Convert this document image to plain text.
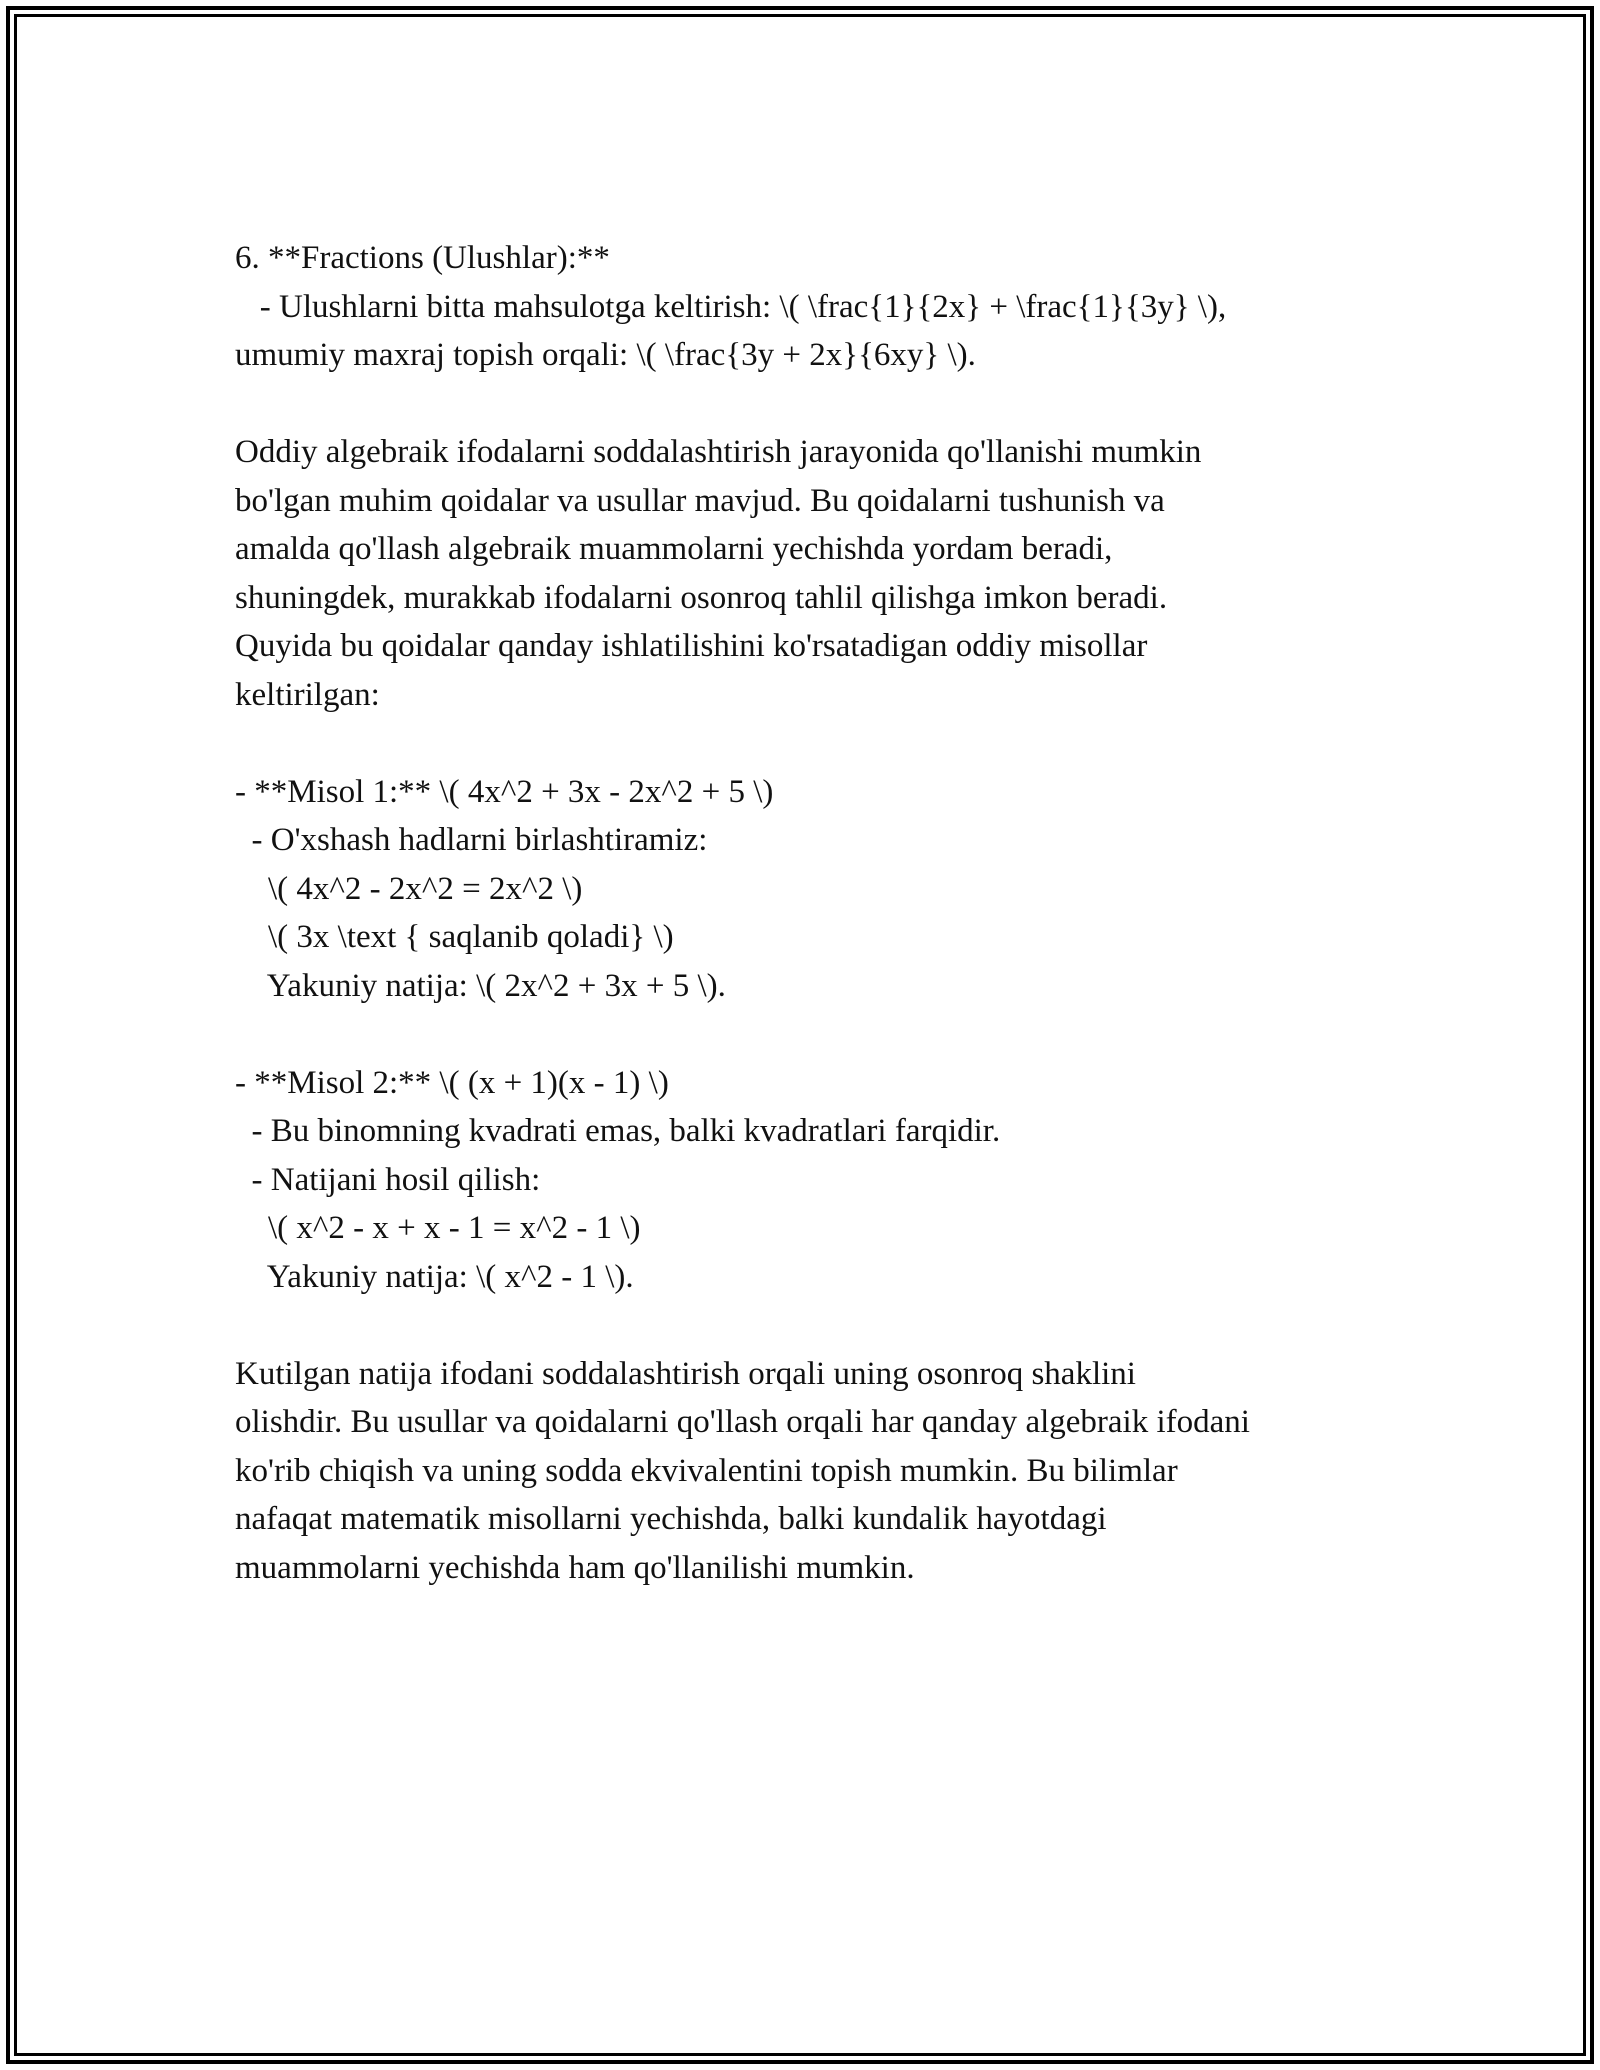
6. **Fractions (Ulushlar):**
- Ulushlarni bitta mahsulotga keltirish: \( \frac{1}{2x} + \frac{1}{3y} \),
umumiy maxraj topish orqali: \( \frac{3y + 2x}{6xy} \).
Oddiy algebraik ifodalarni soddalashtirish jarayonida qo'llanishi mumkin
bo'lgan muhim qoidalar va usullar mavjud. Bu qoidalarni tushunish va
amalda qo'llash algebraik muammolarni yechishda yordam beradi,
shuningdek, murakkab ifodalarni osonroq tahlil qilishga imkon beradi.
Quyida bu qoidalar qanday ishlatilishini ko'rsatadigan oddiy misollar
keltirilgan:
- **Misol 1:** \( 4x^2 + 3x - 2x^2 + 5 \)
- O'xshash hadlarni birlashtiramiz:
\( 4x^2 - 2x^2 = 2x^2 \)
\( 3x \text { saqlanib qoladi} \)
Yakuniy natija: \( 2x^2 + 3x + 5 \).
- **Misol 2:** \( (x + 1)(x - 1) \)
- Bu binomning kvadrati emas, balki kvadratlari farqidir.
- Natijani hosil qilish:
\( x^2 - x + x - 1 = x^2 - 1 \)
Yakuniy natija: \( x^2 - 1 \).
Kutilgan natija ifodani soddalashtirish orqali uning osonroq shaklini
olishdir. Bu usullar va qoidalarni qo'llash orqali har qanday algebraik ifodani
ko'rib chiqish va uning sodda ekvivalentini topish mumkin. Bu bilimlar
nafaqat matematik misollarni yechishda, balki kundalik hayotdagi
muammolarni yechishda ham qo'llanilishi mumkin.
